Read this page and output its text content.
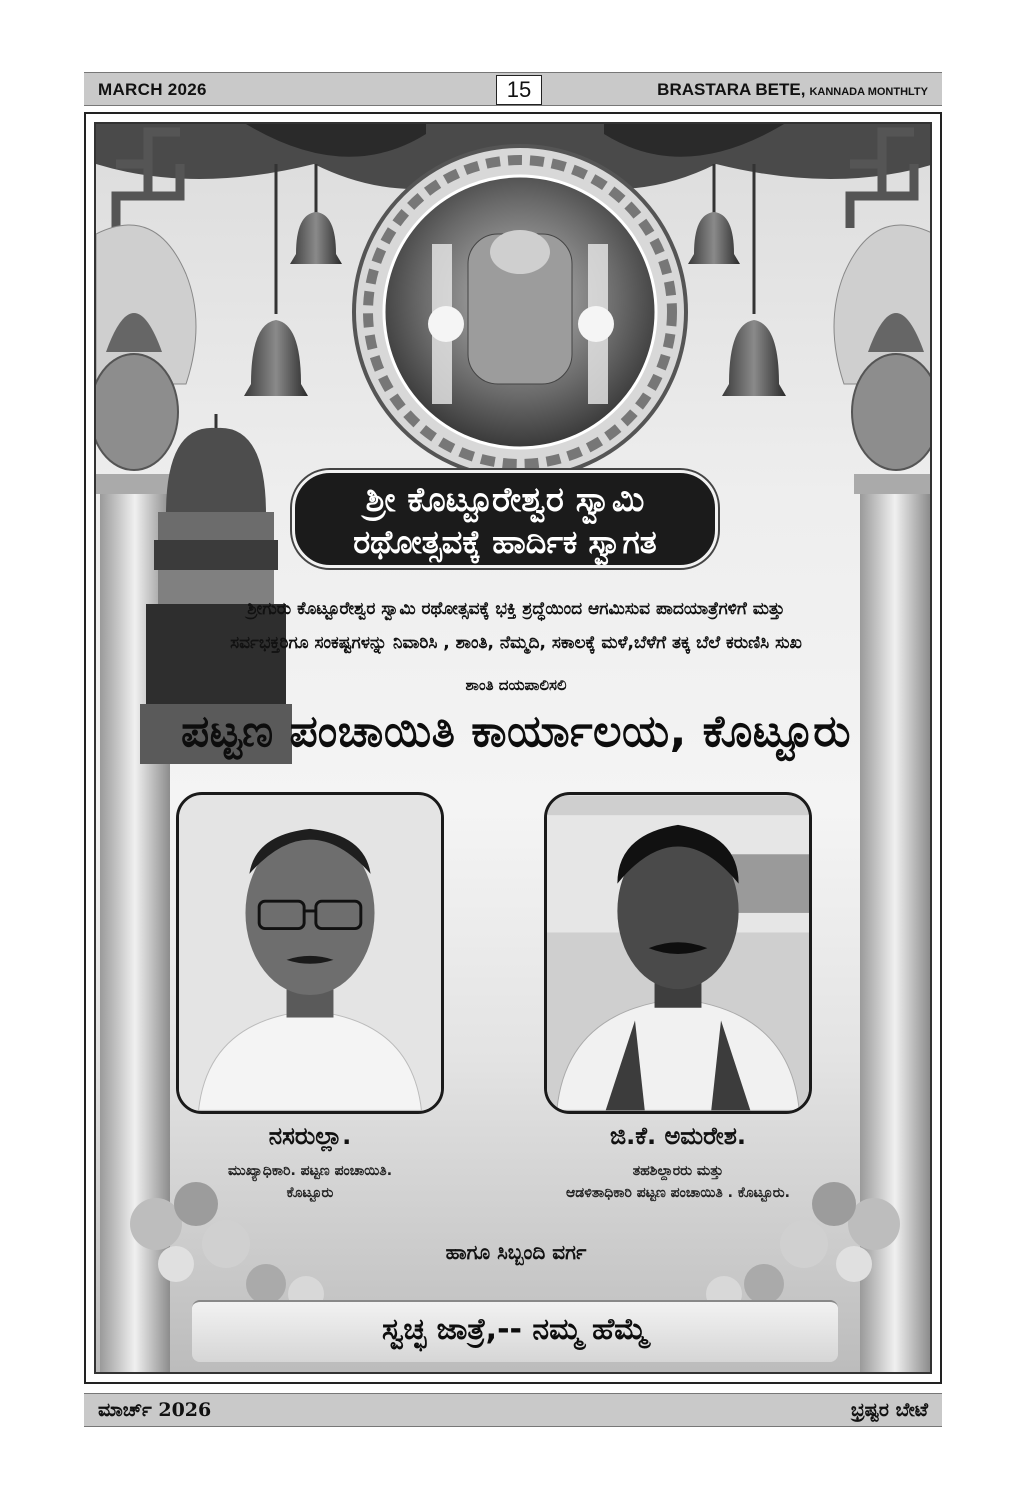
MARCH 2026	15	BRASTARA BETE, KANNADA MONTHLTY
ಶ್ರೀ ಕೊಟ್ಟೂರೇಶ್ವರ ಸ್ವಾಮಿ
ರಥೋತ್ಸವಕ್ಕೆ ಹಾರ್ದಿಕ ಸ್ವಾಗತ
ಶ್ರೀಗುರು ಕೊಟ್ಟೂರೇಶ್ವರ ಸ್ವಾಮಿ ರಥೋತ್ಸವಕ್ಕೆ ಭಕ್ತಿ ಶ್ರದ್ಧೆಯಿಂದ ಆಗಮಿಸುವ ಪಾದಯಾತ್ರೆಗಳಿಗೆ ಮತ್ತು
ಸರ್ವಭಕ್ತರಿಗೂ ಸಂಕಷ್ಟಗಳನ್ನು ನಿವಾರಿಸಿ , ಶಾಂತಿ, ನೆಮ್ಮದಿ, ಸಕಾಲಕ್ಕೆ ಮಳೆ,ಬೆಳೆಗೆ ತಕ್ಕ ಬೆಲೆ ಕರುಣಿಸಿ ಸುಖ
ಶಾಂತಿ ದಯಪಾಲಿಸಲಿ
ಪಟ್ಟಣ ಪಂಚಾಯಿತಿ ಕಾರ್ಯಾಲಯ, ಕೊಟ್ಟೂರು
ನಸರುಲ್ಲಾ.
ಮುಖ್ಯಾಧಿಕಾರಿ. ಪಟ್ಟಣ ಪಂಚಾಯಿತಿ.
ಕೊಟ್ಟೂರು
ಜಿ.ಕೆ. ಅಮರೇಶ.
ತಹಶಿಲ್ದಾರರು ಮತ್ತು
ಆಡಳಿತಾಧಿಕಾರಿ ಪಟ್ಟಣ ಪಂಚಾಯಿತಿ . ಕೊಟ್ಟೂರು.
ಹಾಗೂ ಸಿಬ್ಬಂದಿ ವರ್ಗ
ಸ್ವಚ್ಛ ಜಾತ್ರೆ,-- ನಮ್ಮ ಹೆಮ್ಮೆ
ಮಾರ್ಚ್ 2026	ಭ್ರಷ್ಟರ ಬೇಟೆ
